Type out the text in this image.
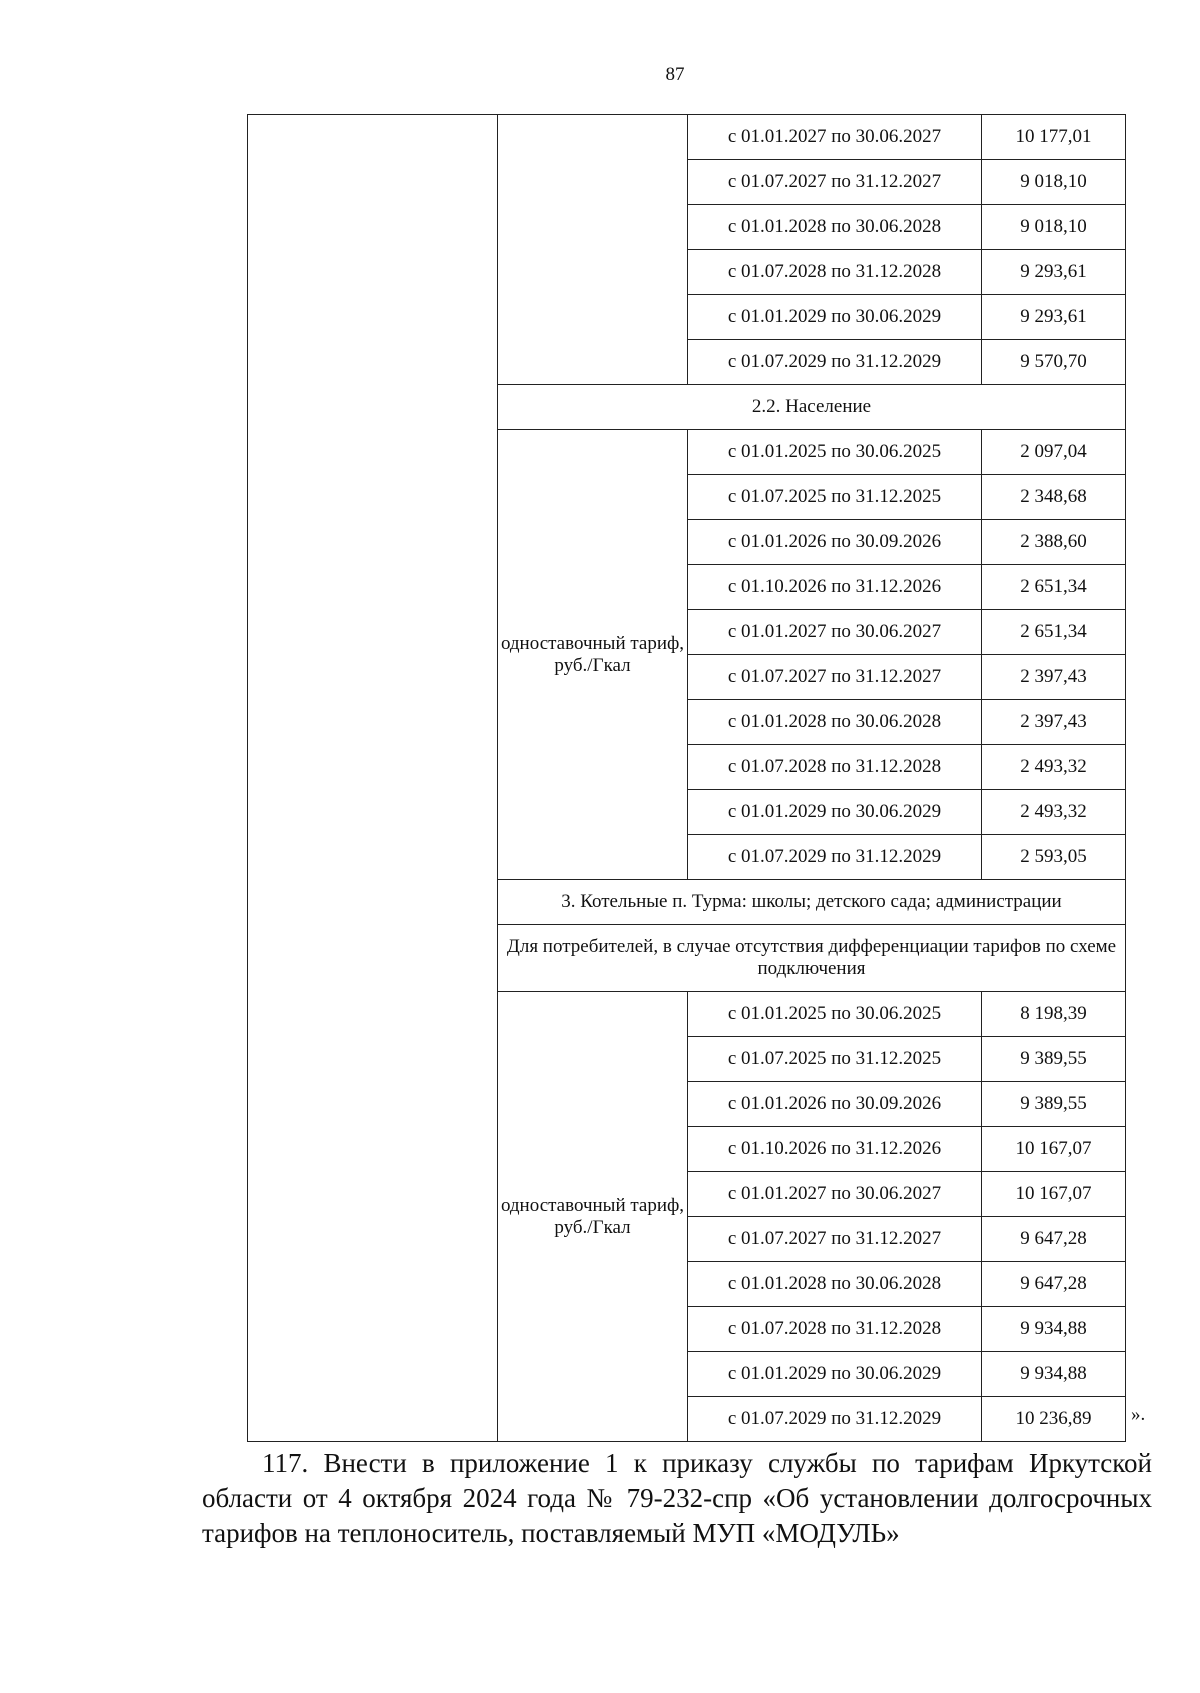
87
		с 01.01.2027 по 30.06.2027	10 177,01
		с 01.07.2027 по 31.12.2027	9 018,10
		с 01.01.2028 по 30.06.2028	9 018,10
		с 01.07.2028 по 31.12.2028	9 293,61
		с 01.01.2029 по 30.06.2029	9 293,61
		с 01.07.2029 по 31.12.2029	9 570,70
	2.2. Население		
	одноставочный тариф, руб./Гкал	с 01.01.2025 по 30.06.2025	2 097,04
		с 01.07.2025 по 31.12.2025	2 348,68
		с 01.01.2026 по 30.09.2026	2 388,60
		с 01.10.2026 по 31.12.2026	2 651,34
		с 01.01.2027 по 30.06.2027	2 651,34
		с 01.07.2027 по 31.12.2027	2 397,43
		с 01.01.2028 по 30.06.2028	2 397,43
		с 01.07.2028 по 31.12.2028	2 493,32
		с 01.01.2029 по 30.06.2029	2 493,32
		с 01.07.2029 по 31.12.2029	2 593,05
	3. Котельные п. Турма: школы; детского сада; администрации		
	Для потребителей, в случае отсутствия дифференциации тарифов по схеме подключения		
	одноставочный тариф, руб./Гкал	с 01.01.2025 по 30.06.2025	8 198,39
		с 01.07.2025 по 31.12.2025	9 389,55
		с 01.01.2026 по 30.09.2026	9 389,55
		с 01.10.2026 по 31.12.2026	10 167,07
		с 01.01.2027 по 30.06.2027	10 167,07
		с 01.07.2027 по 31.12.2027	9 647,28
		с 01.01.2028 по 30.06.2028	9 647,28
		с 01.07.2028 по 31.12.2028	9 934,88
		с 01.01.2029 по 30.06.2029	9 934,88
		с 01.07.2029 по 31.12.2029	10 236,89 ».

117. Внести в приложение 1 к приказу службы по тарифам Иркутской области от 4 октября 2024 года № 79-232-спр «Об установлении долгосрочных тарифов на теплоноситель, поставляемый МУП «МОДУЛЬ»
